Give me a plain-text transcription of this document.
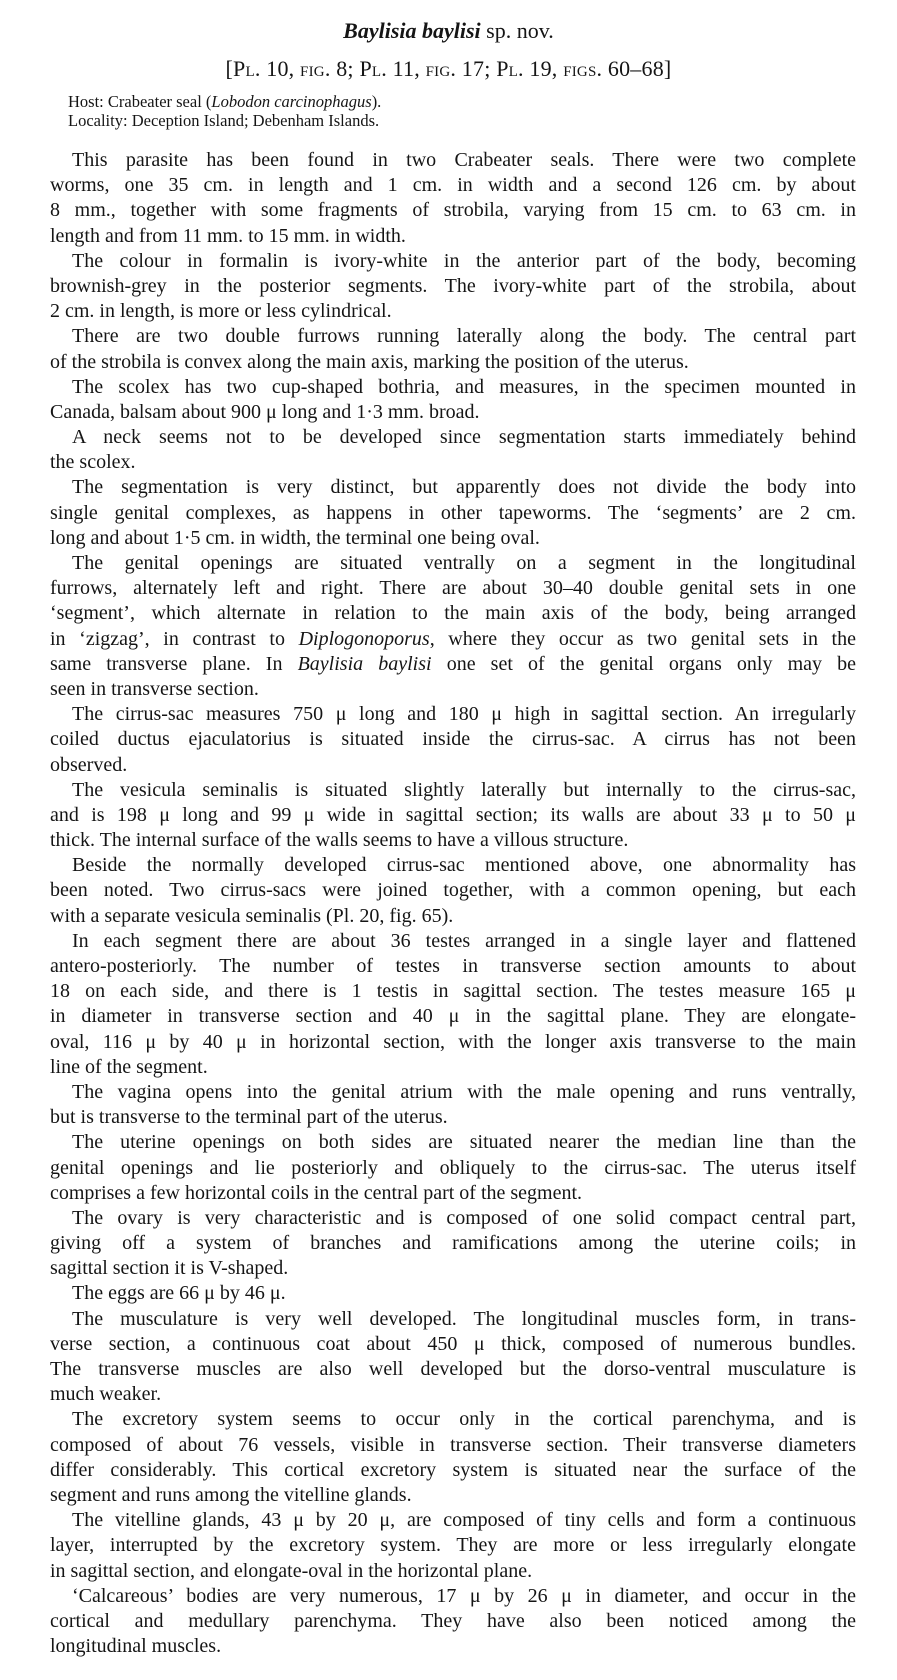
Baylisia baylisi sp. nov.
[Pl. 10, fig. 8; Pl. 11, fig. 17; Pl. 19, figs. 60–68]
Host: Crabeater seal (Lobodon carcinophagus).
Locality: Deception Island; Debenham Islands.
This parasite has been found in two Crabeater seals. There were two complete
worms, one 35 cm. in length and 1 cm. in width and a second 126 cm. by about
8 mm., together with some fragments of strobila, varying from 15 cm. to 63 cm. in
length and from 11 mm. to 15 mm. in width.
The colour in formalin is ivory-white in the anterior part of the body, becoming
brownish-grey in the posterior segments. The ivory-white part of the strobila, about
2 cm. in length, is more or less cylindrical.
There are two double furrows running laterally along the body. The central part
of the strobila is convex along the main axis, marking the position of the uterus.
The scolex has two cup-shaped bothria, and measures, in the specimen mounted in
Canada, balsam about 900 μ long and 1·3 mm. broad.
A neck seems not to be developed since segmentation starts immediately behind
the scolex.
The segmentation is very distinct, but apparently does not divide the body into
single genital complexes, as happens in other tapeworms. The ‘segments’ are 2 cm.
long and about 1·5 cm. in width, the terminal one being oval.
The genital openings are situated ventrally on a segment in the longitudinal
furrows, alternately left and right. There are about 30–40 double genital sets in one
‘segment’, which alternate in relation to the main axis of the body, being arranged
in ‘zigzag’, in contrast to Diplogonoporus, where they occur as two genital sets in the
same transverse plane. In Baylisia baylisi one set of the genital organs only may be
seen in transverse section.
The cirrus-sac measures 750 μ long and 180 μ high in sagittal section. An irregularly
coiled ductus ejaculatorius is situated inside the cirrus-sac. A cirrus has not been
observed.
The vesicula seminalis is situated slightly laterally but internally to the cirrus-sac,
and is 198 μ long and 99 μ wide in sagittal section; its walls are about 33 μ to 50 μ
thick. The internal surface of the walls seems to have a villous structure.
Beside the normally developed cirrus-sac mentioned above, one abnormality has
been noted. Two cirrus-sacs were joined together, with a common opening, but each
with a separate vesicula seminalis (Pl. 20, fig. 65).
In each segment there are about 36 testes arranged in a single layer and flattened
antero-posteriorly. The number of testes in transverse section amounts to about
18 on each side, and there is 1 testis in sagittal section. The testes measure 165 μ
in diameter in transverse section and 40 μ in the sagittal plane. They are elongate-
oval, 116 μ by 40 μ in horizontal section, with the longer axis transverse to the main
line of the segment.
The vagina opens into the genital atrium with the male opening and runs ventrally,
but is transverse to the terminal part of the uterus.
The uterine openings on both sides are situated nearer the median line than the
genital openings and lie posteriorly and obliquely to the cirrus-sac. The uterus itself
comprises a few horizontal coils in the central part of the segment.
The ovary is very characteristic and is composed of one solid compact central part,
giving off a system of branches and ramifications among the uterine coils; in
sagittal section it is V-shaped.
The eggs are 66 μ by 46 μ.
The musculature is very well developed. The longitudinal muscles form, in trans-
verse section, a continuous coat about 450 μ thick, composed of numerous bundles.
The transverse muscles are also well developed but the dorso-ventral musculature is
much weaker.
The excretory system seems to occur only in the cortical parenchyma, and is
composed of about 76 vessels, visible in transverse section. Their transverse diameters
differ considerably. This cortical excretory system is situated near the surface of the
segment and runs among the vitelline glands.
The vitelline glands, 43 μ by 20 μ, are composed of tiny cells and form a continuous
layer, interrupted by the excretory system. They are more or less irregularly elongate
in sagittal section, and elongate-oval in the horizontal plane.
‘Calcareous’ bodies are very numerous, 17 μ by 26 μ in diameter, and occur in the
cortical and medullary parenchyma. They have also been noticed among the
longitudinal muscles.
